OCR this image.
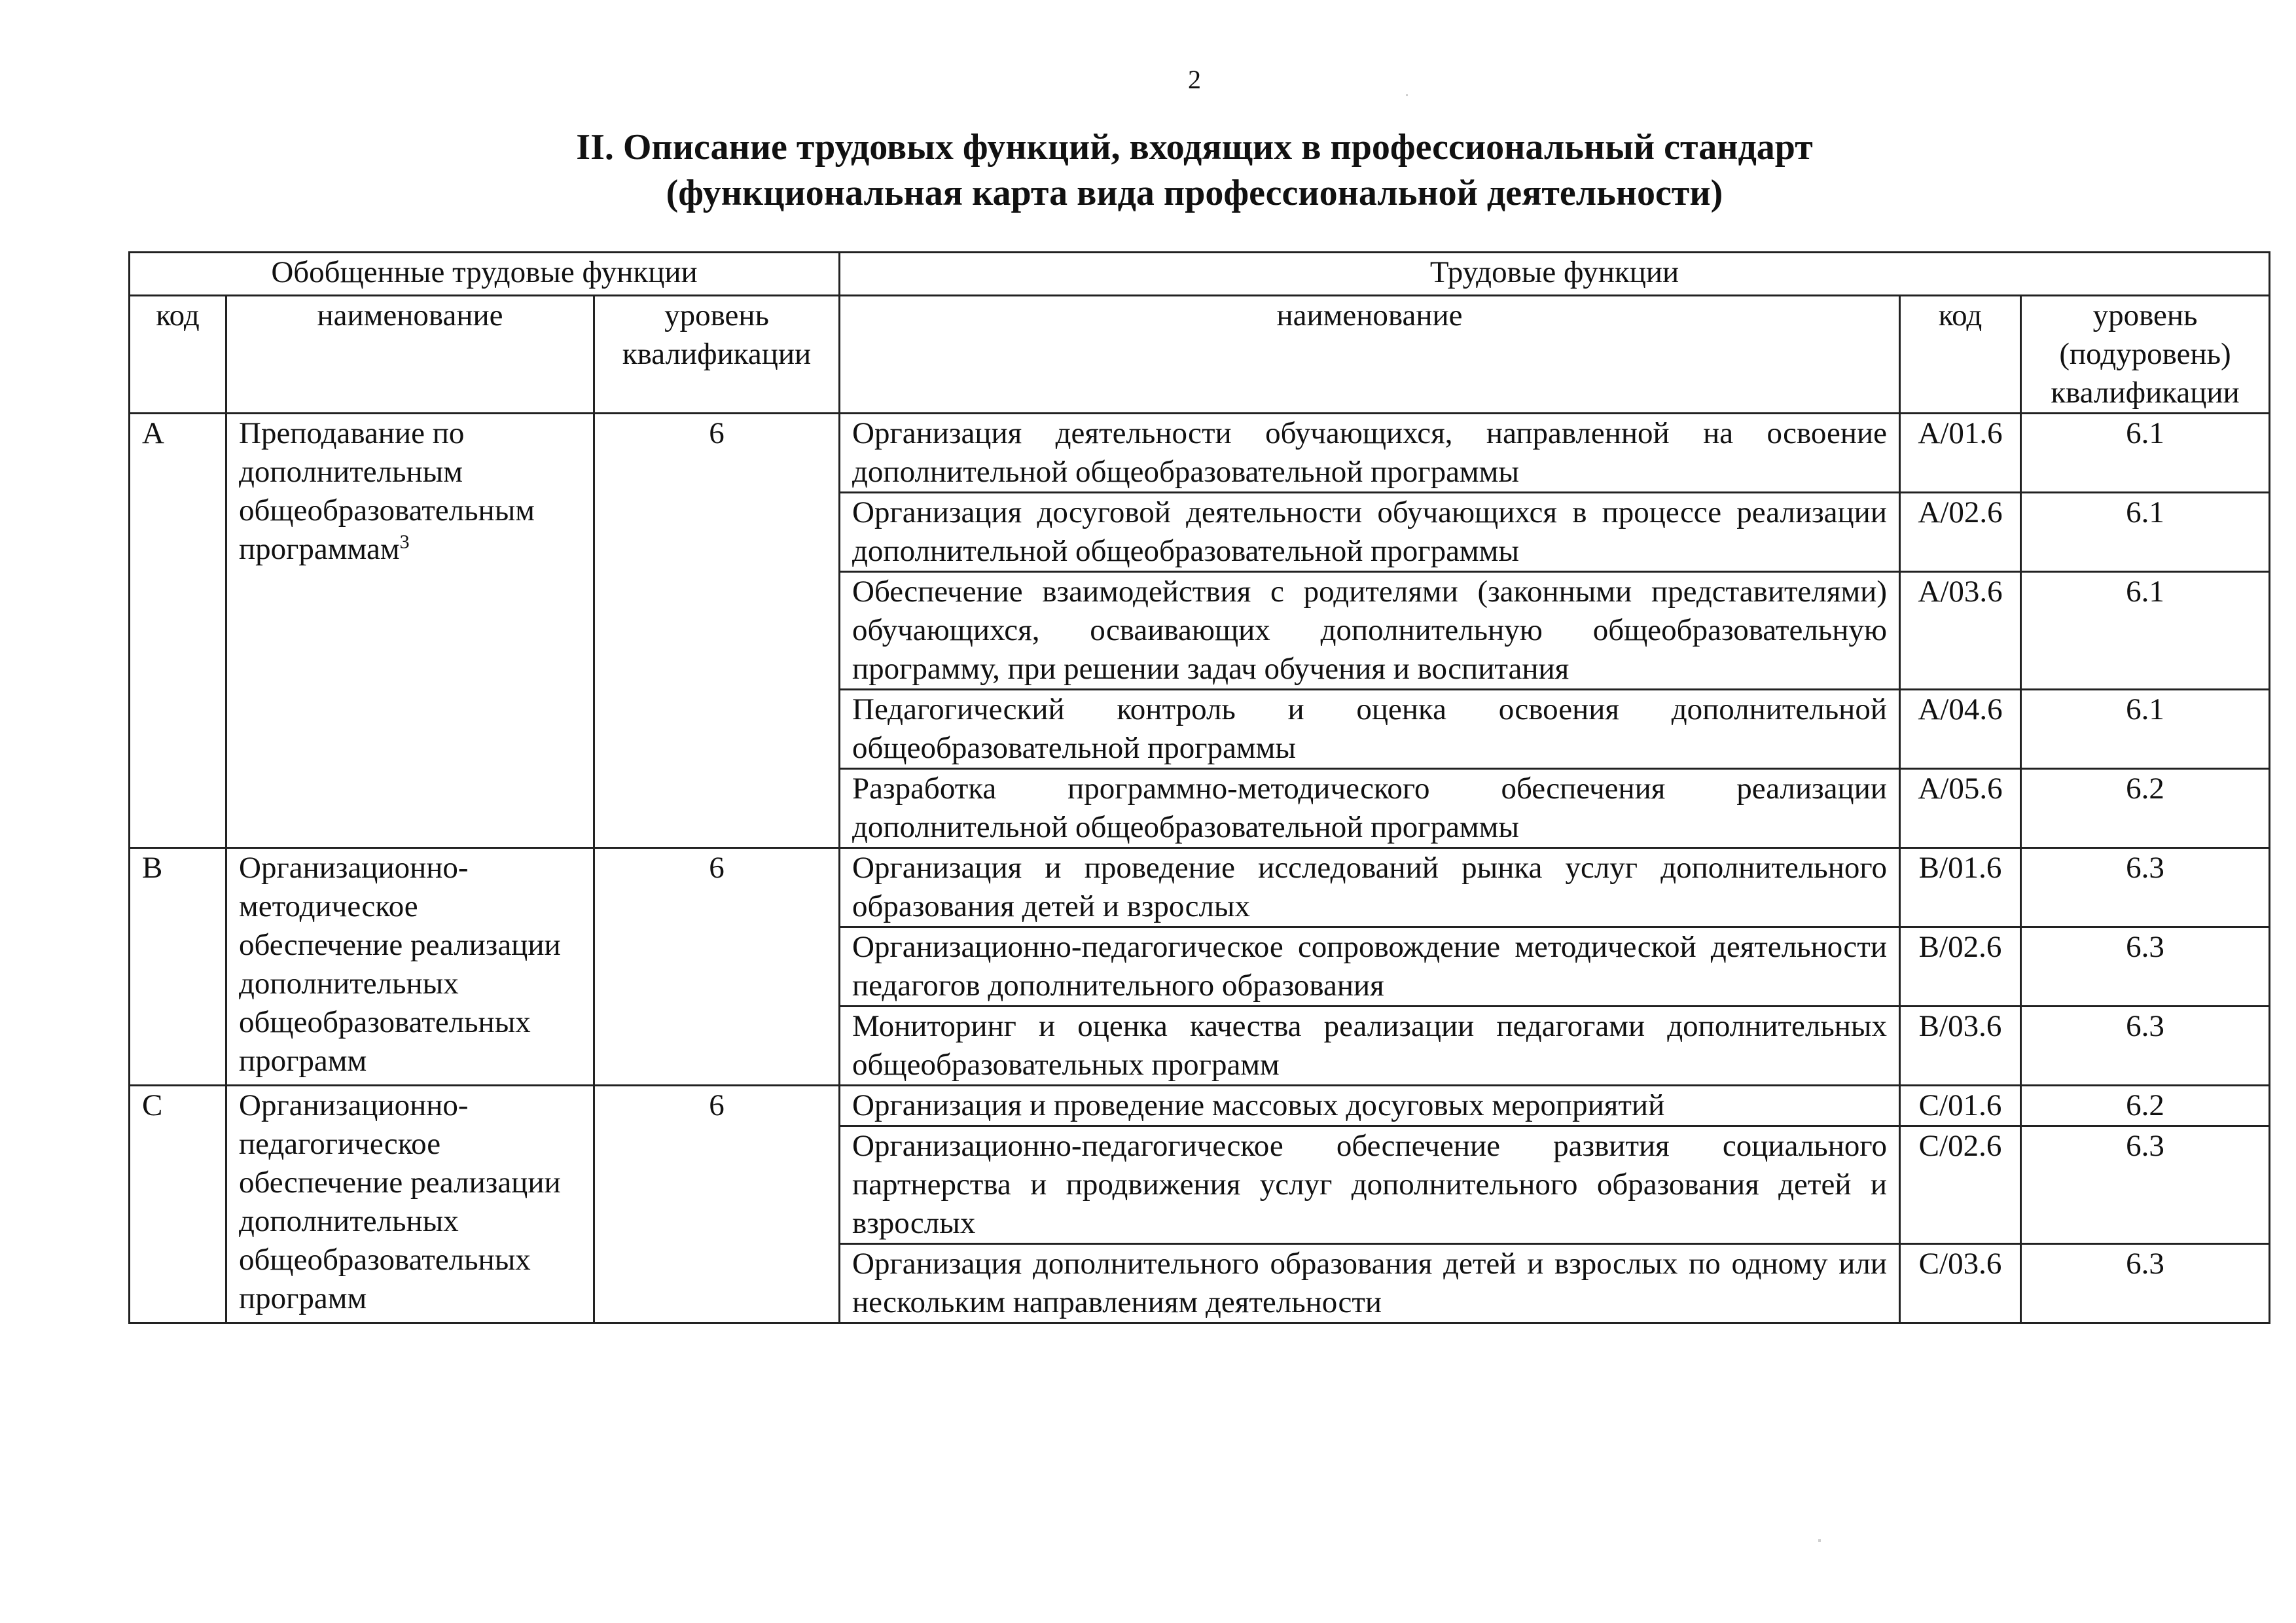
2
II. Описание трудовых функций, входящих в профессиональный стандарт
(функциональная карта вида профессиональной деятельности)
Обобщенные трудовые функции			Трудовые функции		
код	наименование	уровень квалификации	наименование	код	уровень (подуровень) квалификации
A	Преподавание по дополнительным общеобразовательным программам$^3$	6	Организация деятельности обучающихся, направленной на освоение дополнительной общеобразовательной программы	A/01.6	6.1
			Организация досуговой деятельности обучающихся в процессе реализации дополнительной общеобразовательной программы	A/02.6	6.1
			Обеспечение взаимодействия с родителями (законными представителями) обучающихся, осваивающих дополнительную общеобразовательную программу, при решении задач обучения и воспитания	A/03.6	6.1
			Педагогический контроль и оценка освоения дополнительной общеобразовательной программы	A/04.6	6.1
			Разработка программно-методического обеспечения реализации дополнительной общеобразовательной программы	A/05.6	6.2
B	Организационно-методическое обеспечение реализации дополнительных общеобразовательных программ	6	Организация и проведение исследований рынка услуг дополнительного образования детей и взрослых	B/01.6	6.3
			Организационно-педагогическое сопровождение методической деятельности педагогов дополнительного образования	B/02.6	6.3
			Мониторинг и оценка качества реализации педагогами дополнительных общеобразовательных программ	B/03.6	6.3
C	Организационно-педагогическое обеспечение реализации дополнительных общеобразовательных программ	6	Организация и проведение массовых досуговых мероприятий	C/01.6	6.2
			Организационно-педагогическое обеспечение развития социального партнерства и продвижения услуг дополнительного образования детей и взрослых	C/02.6	6.3
			Организация дополнительного образования детей и взрослых по одному или нескольким направлениям деятельности	C/03.6	6.3
